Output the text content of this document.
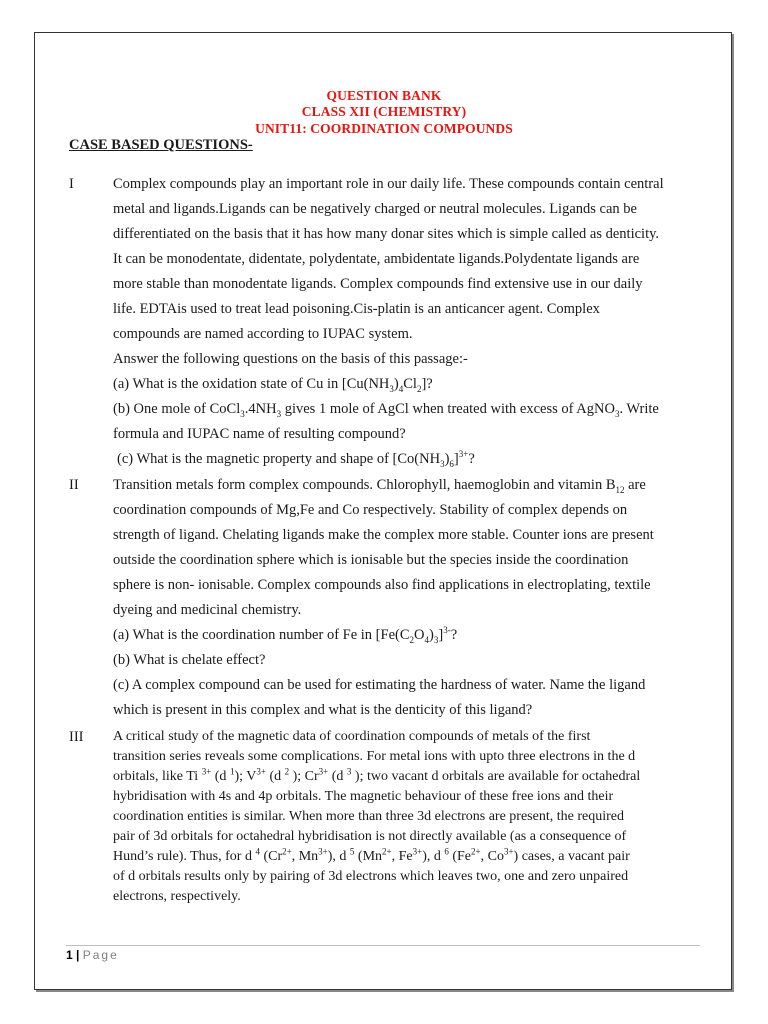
QUESTION BANK
CLASS XII (CHEMISTRY)
UNIT11: COORDINATION COMPOUNDS
CASE BASED QUESTIONS-
I	Complex compounds play an important role in our daily life. These compounds contain central
metal and ligands.Ligands can be negatively charged or neutral molecules. Ligands can be
differentiated on the basis that it has how many donar sites which is simple called as denticity.
It can be monodentate, didentate, polydentate, ambidentate ligands.Polydentate ligands are
more stable than monodentate ligands. Complex compounds find extensive use in our daily
life. EDTAis used to treat lead poisoning.Cis-platin is an anticancer agent. Complex
compounds are named according to IUPAC system.
Answer the following questions on the basis of this passage:-
(a) What is the oxidation state of Cu in $[Cu(NH_3)_4Cl_2]$?
(b) One mole of $CoCl_3.4NH_3$ gives 1 mole of AgCl when treated with excess of AgNO$_3$. Write
formula and IUPAC name of resulting compound?
(c) What is the magnetic property and shape of $[Co(NH_3)_6]^{3+}$?
II Transition metals form complex compounds. Chlorophyll, haemoglobin and vitamin $B_{12}$ are
coordination compounds of Mg,Fe and Co respectively. Stability of complex depends on
strength of ligand. Chelating ligands make the complex more stable. Counter ions are present
outside the coordination sphere which is ionisable but the species inside the coordination
sphere is non- ionisable. Complex compounds also find applications in electroplating, textile
dyeing and medicinal chemistry.
(a) What is the coordination number of Fe in $[Fe(C_2O_4)_3]^{3-}$?
(b) What is chelate effect?
(c) A complex compound can be used for estimating the hardness of water. Name the ligand
which is present in this complex and what is the denticity of this ligand?
III A critical study of the magnetic data of coordination compounds of metals of the first
transition series reveals some complications. For metal ions with upto three electrons in the d
orbitals, like Ti $^{3+}$ (d $^1$); $V^{3+}$ (d $^2$ ); $Cr^{3+}$ (d $^3$ ); two vacant d orbitals are available for octahedral
hybridisation with 4s and 4p orbitals. The magnetic behaviour of these free ions and their
coordination entities is similar. When more than three 3d electrons are present, the required
pair of 3d orbitals for octahedral hybridisation is not directly available (as a consequence of
Hund’s rule). Thus, for d $^4$ ($Cr^{2+}$, $Mn^{3+}$), d $^5$ ($Mn^{2+}$, $Fe^{3+}$), d $^6$ ($Fe^{2+}$, $Co^{3+}$) cases, a vacant pair
of d orbitals results only by pairing of 3d electrons which leaves two, one and zero unpaired
electrons, respectively.
1 | Page
